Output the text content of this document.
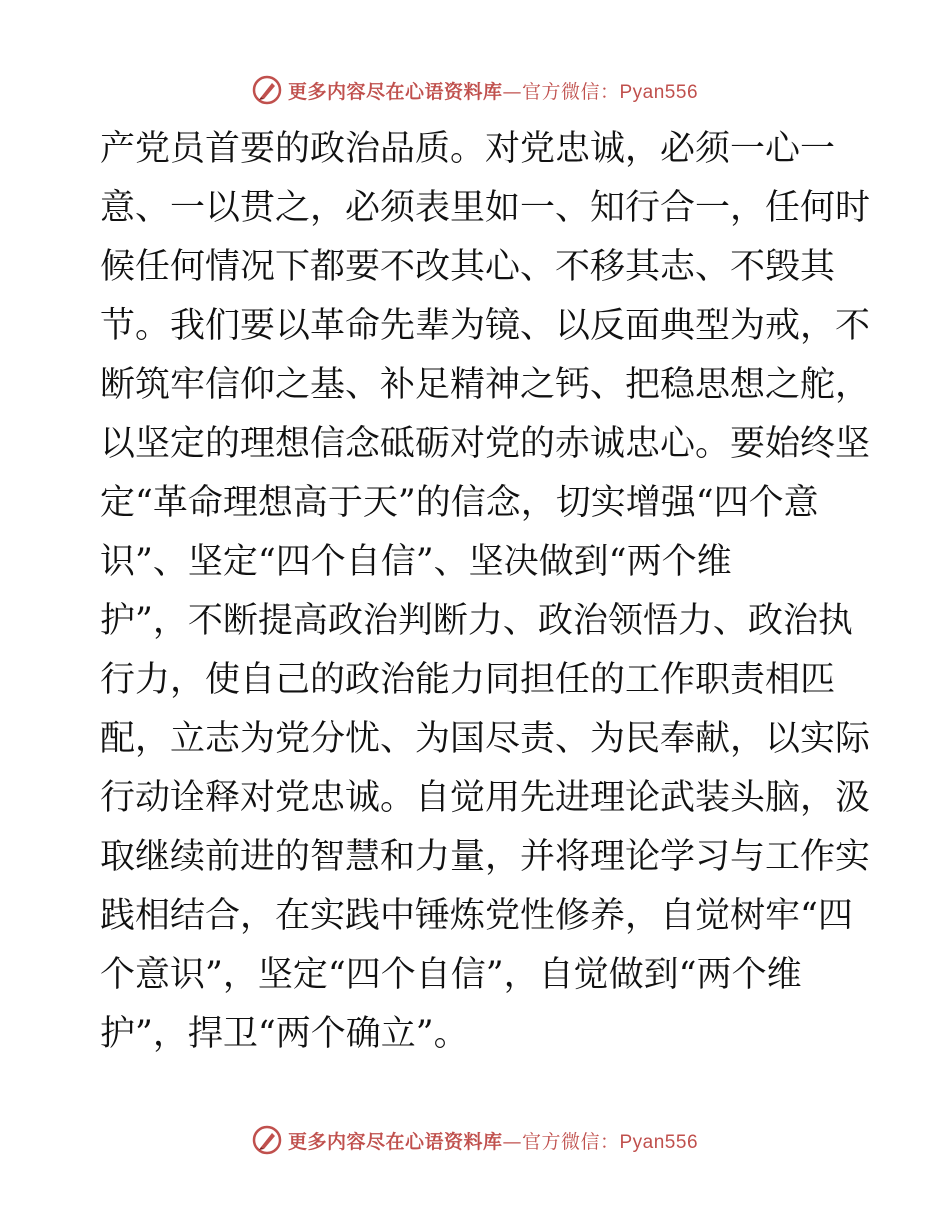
更多内容尽在心语资料库—官方微信：Pyan556
产党员首要的政治品质。对党忠诚，必须一心一
意、一以贯之，必须表里如一、知行合一，任何时
候任何情况下都要不改其心、不移其志、不毁其
节。我们要以革命先辈为镜、以反面典型为戒，不
断筑牢信仰之基、补足精神之钙、把稳思想之舵，
以坚定的理想信念砥砺对党的赤诚忠心。要始终坚
定“革命理想高于天”的信念，切实增强“四个意
识”、坚定“四个自信”、坚决做到“两个维
护”，不断提高政治判断力、政治领悟力、政治执
行力，使自己的政治能力同担任的工作职责相匹
配，立志为党分忧、为国尽责、为民奉献，以实际
行动诠释对党忠诚。自觉用先进理论武装头脑，汲
取继续前进的智慧和力量，并将理论学习与工作实
践相结合，在实践中锤炼党性修养，自觉树牢“四
个意识”，坚定“四个自信”，自觉做到“两个维
护”，捍卫“两个确立”。
更多内容尽在心语资料库—官方微信：Pyan556
